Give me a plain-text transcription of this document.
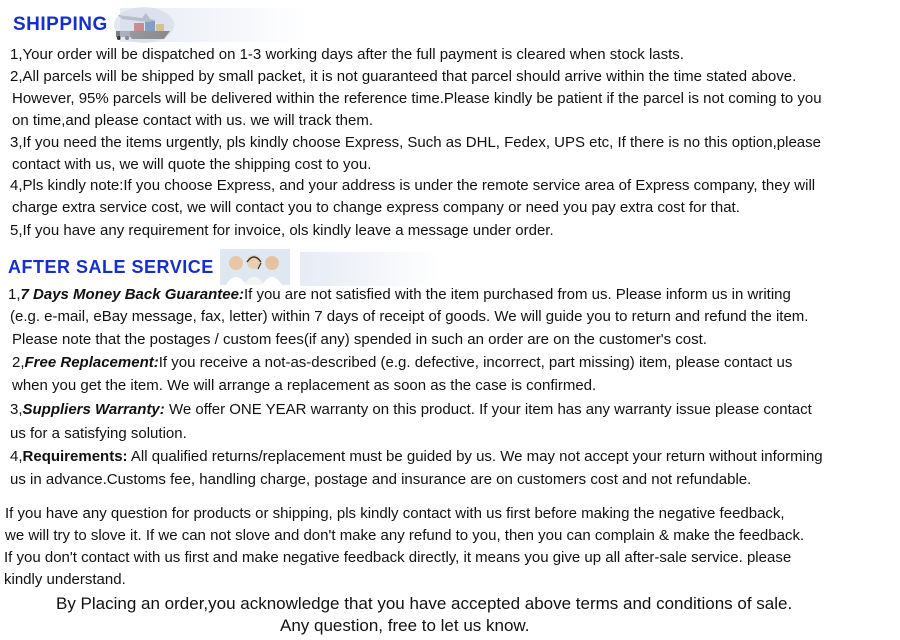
SHIPPING
1,Your order will be dispatched on 1-3 working days after the full payment is cleared when stock lasts.
2,All parcels will be shipped by small packet, it is not guaranteed that parcel should arrive within the time stated above.
However, 95% parcels will be delivered within the reference time.Please kindly be patient if the parcel is not coming to you
on time,and please contact with us. we will track them.
3,If you need the items urgently, pls kindly choose Express, Such as DHL, Fedex, UPS etc, If there is no this option,please
contact with us, we will quote the shipping cost to you.
4,Pls kindly note:If you choose Express, and your address is under the remote service area of Express company, they will
charge extra service cost, we will contact you to change express company or need you pay extra cost for that.
5,If you have any requirement for invoice, ols kindly leave a message under order.
AFTER SALE SERVICE
1,7 Days Money Back Guarantee:If you are not satisfied with the item purchased from us. Please inform us in writing
(e.g. e-mail, eBay message, fax, letter) within 7 days of receipt of goods. We will guide you to return and refund the item.
Please note that the postages / custom fees(if any) spended in such an order are on the customer's cost.
2,Free Replacement:If you receive a not-as-described (e.g. defective, incorrect, part missing) item, please contact us
when you get the item. We will arrange a replacement as soon as the case is confirmed.
3,Suppliers Warranty: We offer ONE YEAR warranty on this product. If your item has any warranty issue please contact
us for a satisfying solution.
4,Requirements: All qualified returns/replacement must be guided by us. We may not accept your return without informing
us in advance.Customs fee, handling charge, postage and insurance are on customers cost and not refundable.
If you have any question for products or shipping, pls kindly contact with us first before making the negative feedback,
we will try to slove it. If we can not slove and don't make any refund to you, then you can complain & make the feedback.
If you don't contact with us first and make negative feedback directly, it means you give up all after-sale service. please
kindly understand.
By Placing an order,you acknowledge that you have accepted above terms and conditions of sale.
Any question, free to let us know.
